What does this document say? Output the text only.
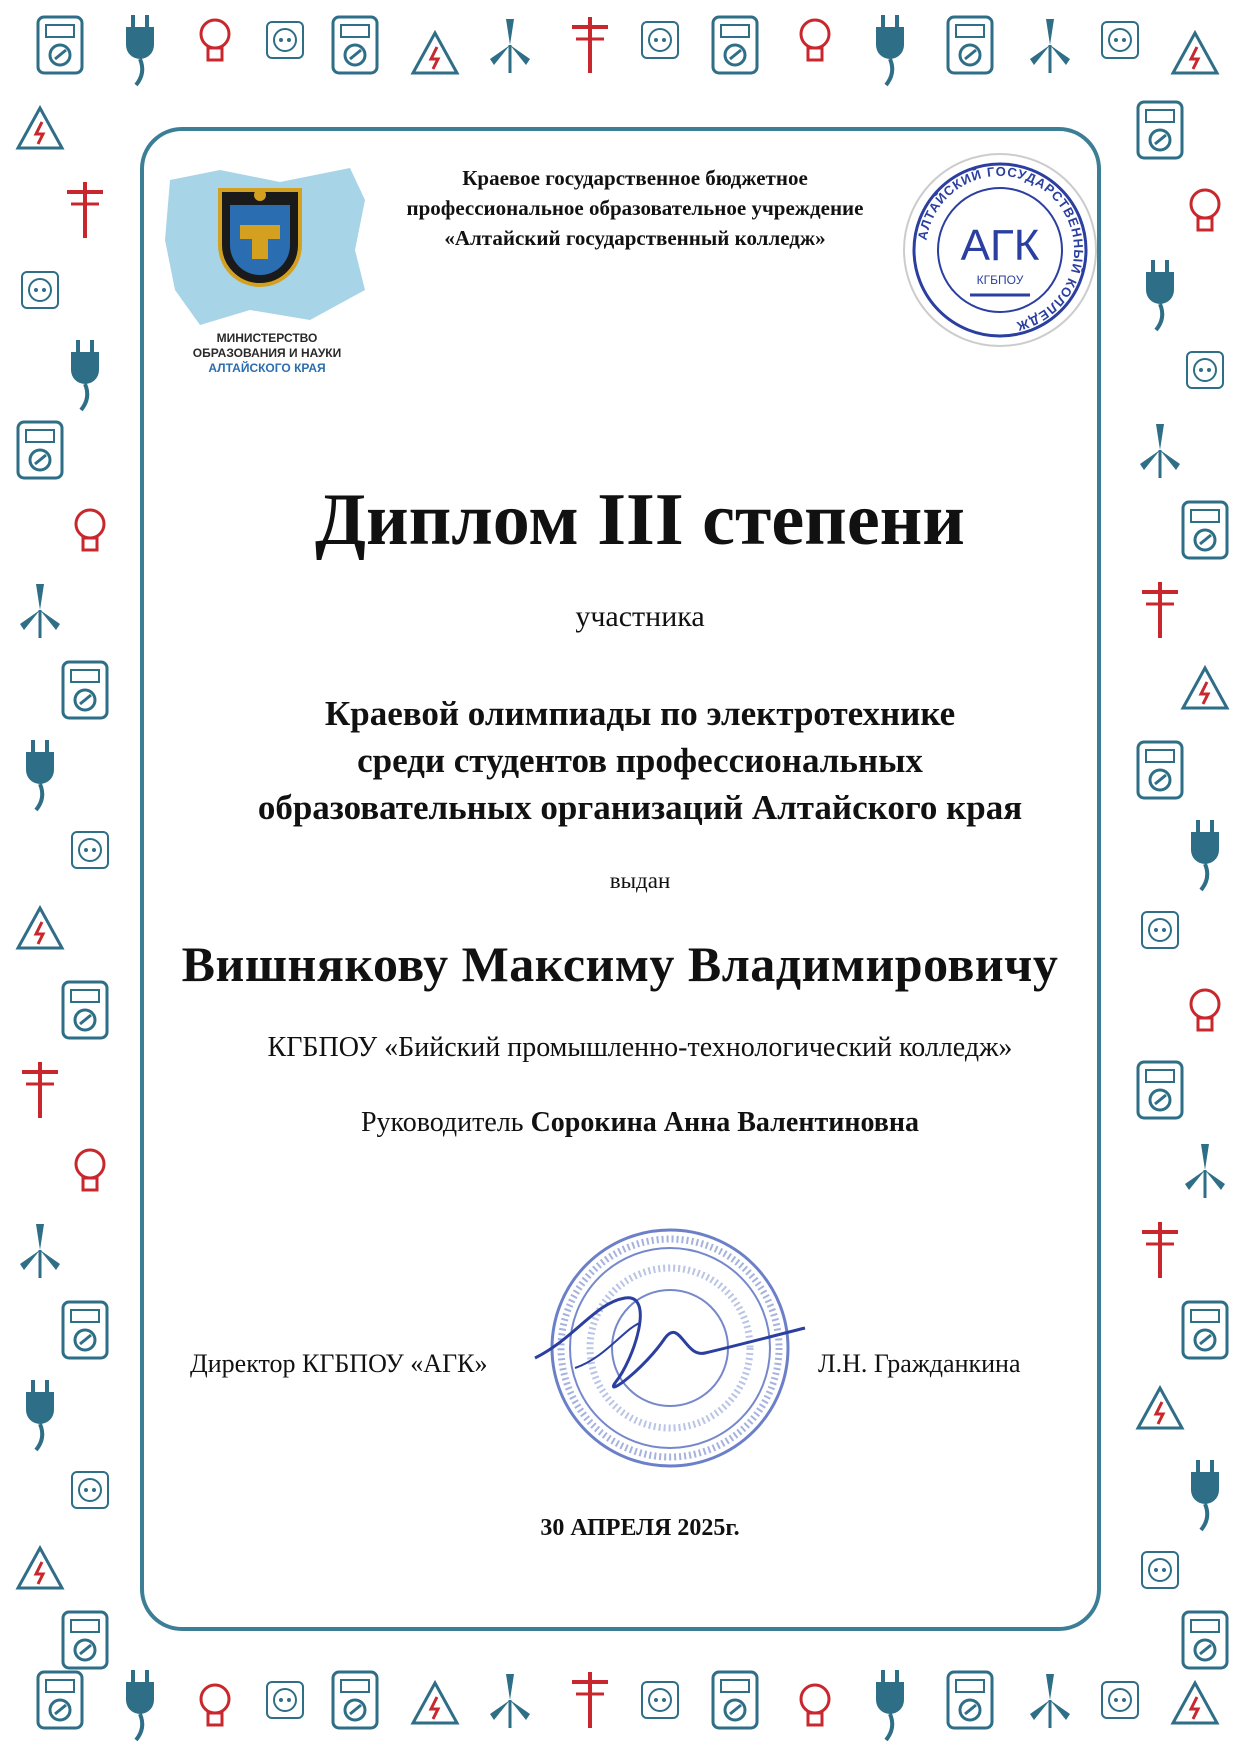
МИНИСТЕРСТВО
ОБРАЗОВАНИЯ И НАУКИ
АЛТАЙСКОГО КРАЯ
Краевое государственное бюджетное
профессиональное образовательное учреждение
«Алтайский государственный колледж»	АЛТАЙСКИЙ ГОСУДАРСТВЕННЫЙ КОЛЛЕДЖ
АГК
КГБПОУ
Диплом III степени
участника
Краевой олимпиады по электротехнике
среди студентов профессиональных
образовательных организаций Алтайского края
выдан
Вишнякову Максиму Владимировичу
КГБПОУ «Бийский промышленно-технологический колледж»
Руководитель Сорокина Анна Валентиновна
Директор КГБПОУ «АГК»	Л.Н. Гражданкина
30 АПРЕЛЯ 2025г.
